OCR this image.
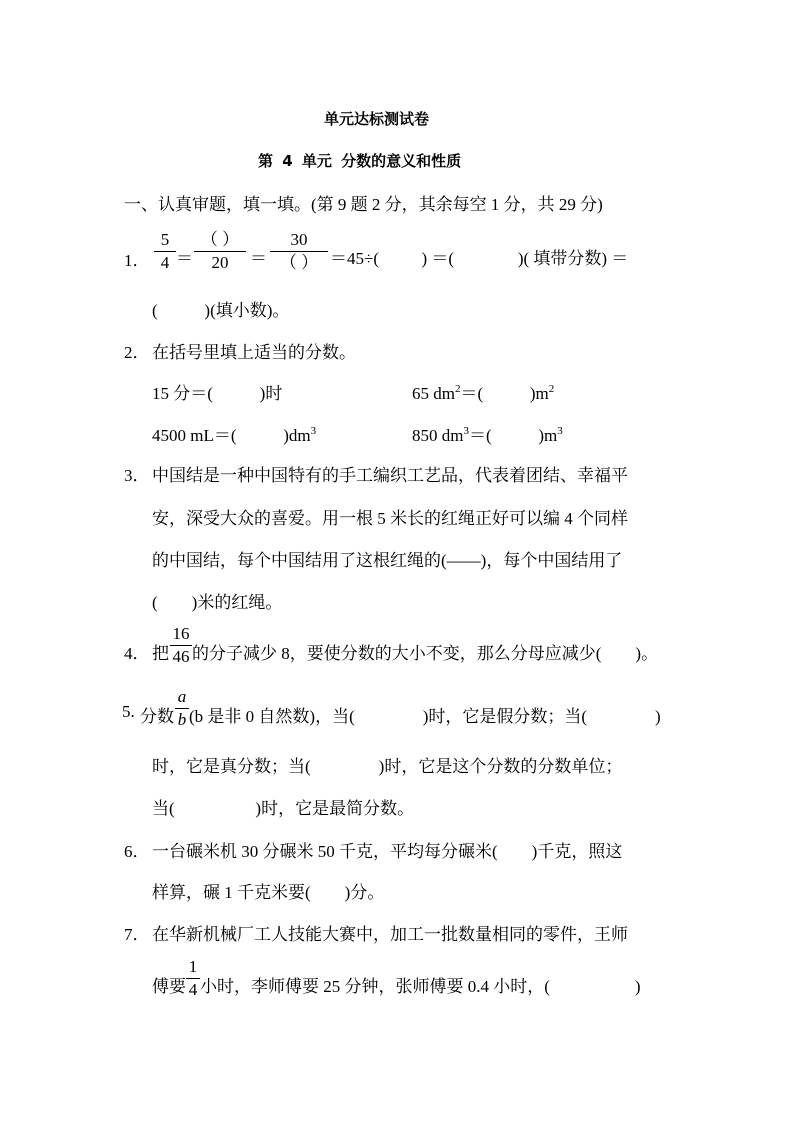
单元达标测试卷
第 4 单元 分数的意义和性质
一、认真审题，填一填。(第 9 题 2 分，其余每空 1 分，共 29 分)
1．
5
4 ＝
（ ）
20	＝
30
（ ） ＝45÷(          ) ＝(               )( 填带分数) ＝
(           )(填小数)。
2． 在括号里填上适当的分数。
15 分＝(           )时	65 $dm^2=$(           )$m^2$
4500 mL＝(           )$dm^3$	850 $dm^3=$(           )$m^3$
3． 中国结是一种中国特有的手工编织工艺品，代表着团结、幸福平
安，深受大众的喜爱。用一根 5 米长的红绳正好可以编 4 个同样
的中国结，每个中国结用了这根红绳的(——)，每个中国结用了
(        )米的红绳。
4． 把
16
46 的分子减少 8，要使分数的大小不变，那么分母应减少(        )。
5. 分数
a
b (b 是非 0 自然数)，当(                )时，它是假分数；当(                )
时，它是真分数；当(                )时，它是这个分数的分数单位；
当(                   )时，它是最简分数。
6． 一台碾米机 30 分碾米 50 千克，平均每分碾米(        )千克，照这
样算，碾 1 千克米要(        )分。
7． 在华新机械厂工人技能大赛中，加工一批数量相同的零件，王师
傅要
1
4 小时，李师傅要 25 分钟，张师傅要 0.4 小时，(                    )
